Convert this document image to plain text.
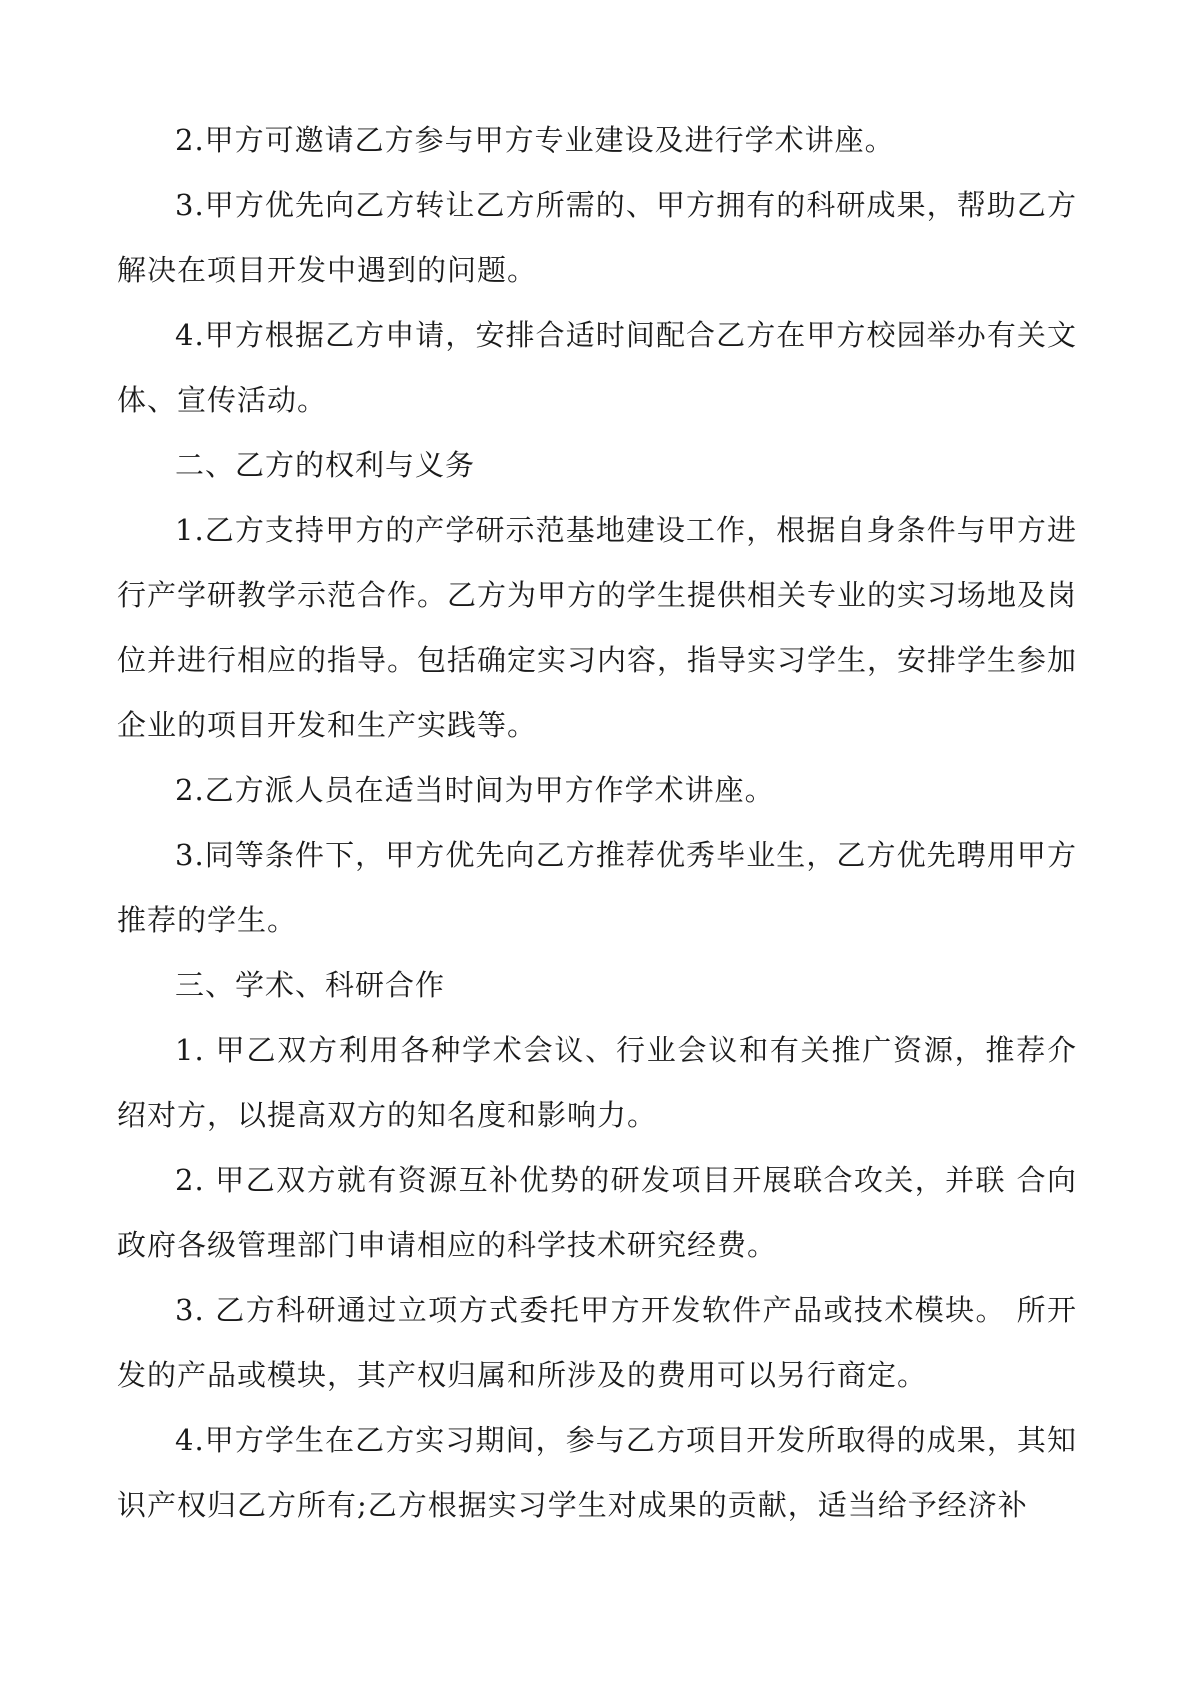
2.甲方可邀请乙方参与甲方专业建设及进行学术讲座。

3.甲方优先向乙方转让乙方所需的、甲方拥有的科研成果，帮助乙方解决在项目开发中遇到的问题。

4.甲方根据乙方申请，安排合适时间配合乙方在甲方校园举办有关文体、宣传活动。

二、乙方的权利与义务

1.乙方支持甲方的产学研示范基地建设工作，根据自身条件与甲方进行产学研教学示范合作。乙方为甲方的学生提供相关专业的实习场地及岗位并进行相应的指导。包括确定实习内容，指导实习学生，安排学生参加企业的项目开发和生产实践等。

2.乙方派人员在适当时间为甲方作学术讲座。

3.同等条件下，甲方优先向乙方推荐优秀毕业生，乙方优先聘用甲方推荐的学生。

三、学术、科研合作

1. 甲乙双方利用各种学术会议、行业会议和有关推广资源，推荐介绍对方，以提高双方的知名度和影响力。

2. 甲乙双方就有资源互补优势的研发项目开展联合攻关，并联 合向政府各级管理部门申请相应的科学技术研究经费。

3. 乙方科研通过立项方式委托甲方开发软件产品或技术模块。 所开发的产品或模块，其产权归属和所涉及的费用可以另行商定。

4.甲方学生在乙方实习期间，参与乙方项目开发所取得的成果，其知识产权归乙方所有;乙方根据实习学生对成果的贡献，适当给予经济补
